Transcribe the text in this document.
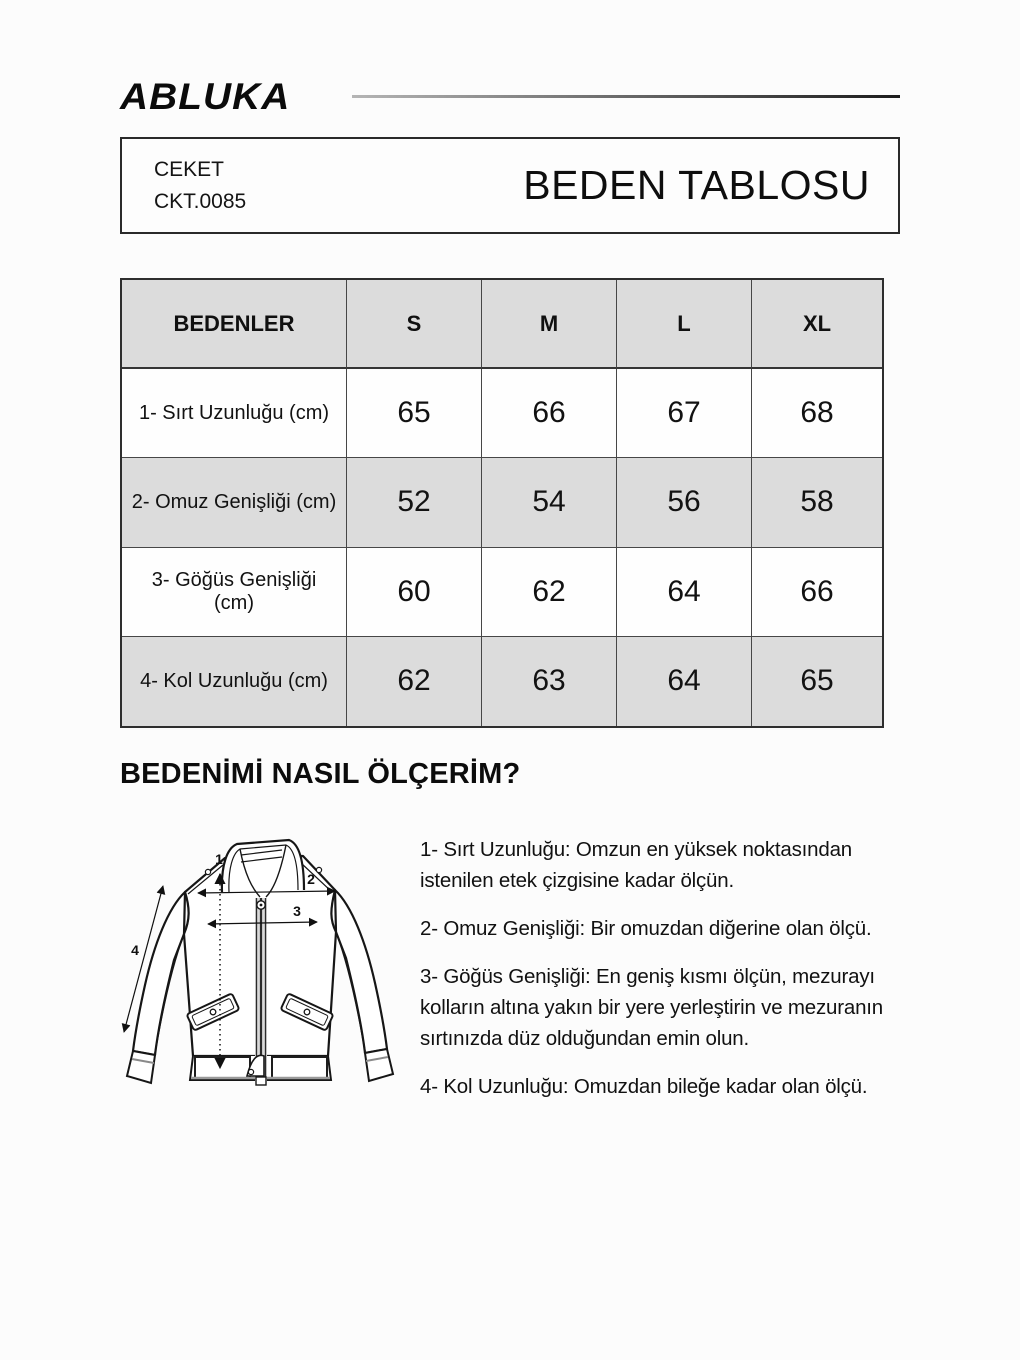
ABLUKA
CEKET
CKT.0085	BEDEN TABLOSU
BEDENLER	S	M	L	XL
1- Sırt Uzunluğu (cm)	65	66	67	68
2- Omuz Genişliği (cm)	52	54	56	58
3- Göğüs Genişliği (cm)	60	62	64	66
4- Kol Uzunluğu (cm)	62	63	64	65
BEDENİMİ NASIL ÖLÇERİM?
1
2
3
4

1- Sırt Uzunluğu: Omzun en yüksek noktasından istenilen etek çizgisine kadar ölçün.

2- Omuz Genişliği: Bir omuzdan diğerine olan ölçü.

3- Göğüs Genişliği: En geniş kısmı ölçün, mezurayı kolların altına yakın bir yere yerleştirin ve mezuranın sırtınızda düz olduğundan emin olun.

4- Kol Uzunluğu: Omuzdan bileğe kadar olan ölçü.
